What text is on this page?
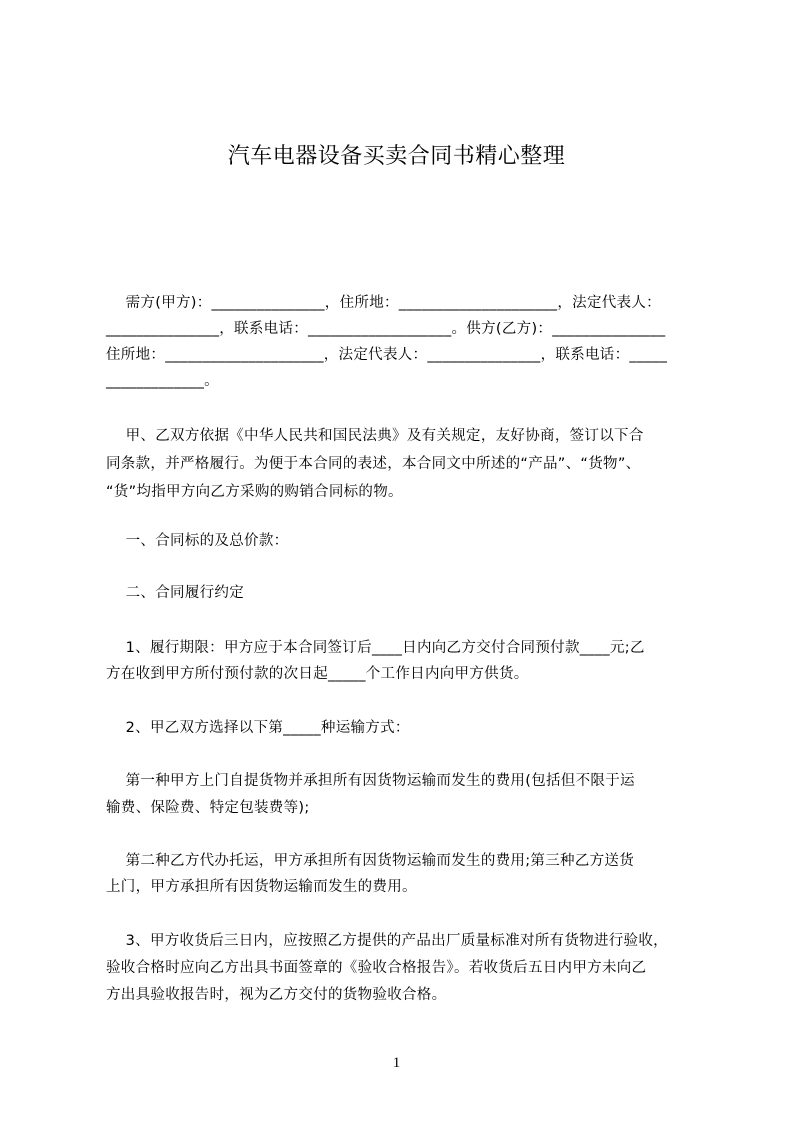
汽车电器设备买卖合同书精心整理
需方(甲方)：_______________，住所地：_____________________，法定代表人：
_______________，联系电话：___________________。供方(乙方)：_______________
住所地：_____________________，法定代表人：_______________，联系电话：_____
_____________。
甲、乙双方依据《中华人民共和国民法典》及有关规定，友好协商，签订以下合
同条款，并严格履行。为便于本合同的表述，本合同文中所述的“产品”、“货物”、
“货”均指甲方向乙方采购的购销合同标的物。
一、合同标的及总价款：
二、合同履行约定
1、履行期限：甲方应于本合同签订后____日内向乙方交付合同预付款____元;乙
方在收到甲方所付预付款的次日起_____个工作日内向甲方供货。
2、甲乙双方选择以下第_____种运输方式：
第一种甲方上门自提货物并承担所有因货物运输而发生的费用(包括但不限于运
输费、保险费、特定包装费等);
第二种乙方代办托运，甲方承担所有因货物运输而发生的费用;第三种乙方送货
上门，甲方承担所有因货物运输而发生的费用。
3、甲方收货后三日内，应按照乙方提供的产品出厂质量标准对所有货物进行验收，
验收合格时应向乙方出具书面签章的《验收合格报告》。若收货后五日内甲方未向乙
方出具验收报告时，视为乙方交付的货物验收合格。
1
